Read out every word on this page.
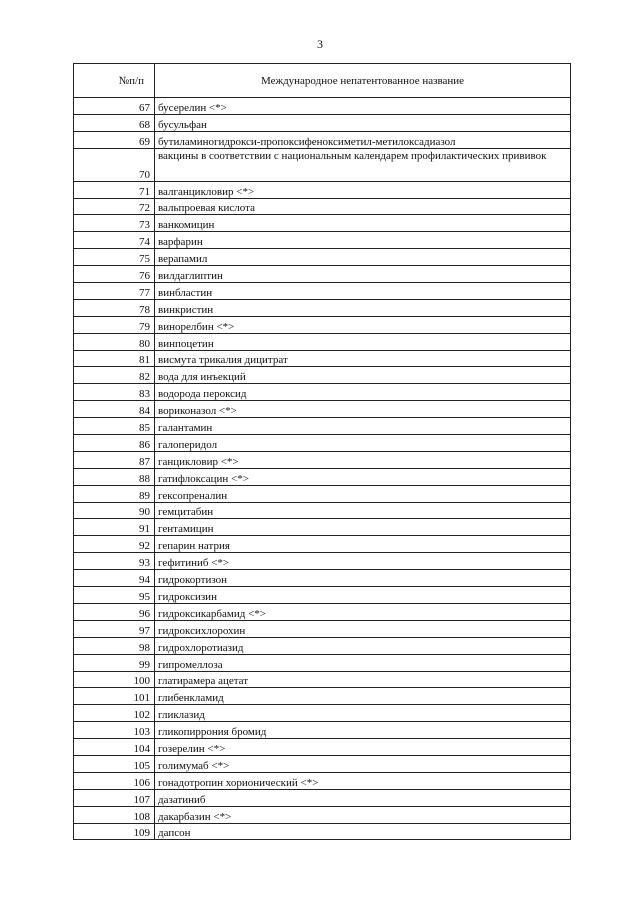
3
№п/п	Международное непатентованное название
67	бусерелин <*>
68	бусульфан
69	бутиламиногидрокси-пропоксифеноксиметил-метилоксадиазол
70	вакцины в соответствии с национальным календарем профилактических прививок
71	валганцикловир <*>
72	вальпроевая кислота
73	ванкомицин
74	варфарин
75	верапамил
76	вилдаглиптин
77	винбластин
78	винкристин
79	винорелбин <*>
80	винпоцетин
81	висмута трикалия дицитрат
82	вода для инъекций
83	водорода пероксид
84	вориконазол <*>
85	галантамин
86	галоперидол
87	ганцикловир <*>
88	гатифлоксацин <*>
89	гексопреналин
90	гемцитабин
91	гентамицин
92	гепарин натрия
93	гефитиниб <*>
94	гидрокортизон
95	гидроксизин
96	гидроксикарбамид <*>
97	гидроксихлорохин
98	гидрохлоротиазид
99	гипромеллоза
100	глатирамера ацетат
101	глибенкламид
102	гликлазид
103	гликопиррония бромид
104	гозерелин <*>
105	голимумаб <*>
106	гонадотропин хорионический <*>
107	дазатиниб
108	дакарбазин <*>
109	дапсон
